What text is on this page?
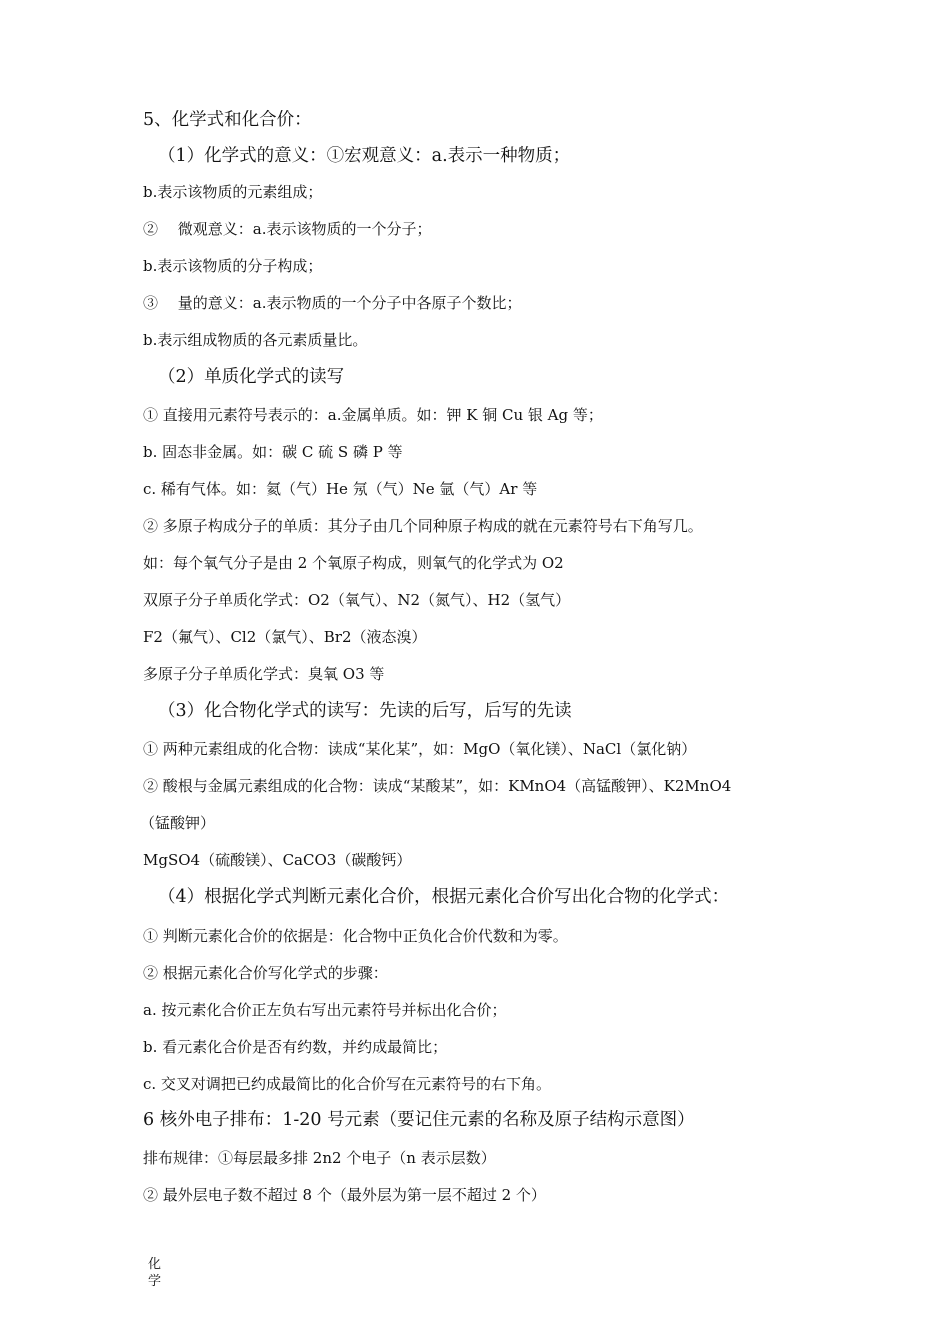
5、化学式和化合价：
（1）化学式的意义：①宏观意义：a.表示一种物质；
b.表示该物质的元素组成；
②　 微观意义：a.表示该物质的一个分子；
b.表示该物质的分子构成；
③　 量的意义：a.表示物质的一个分子中各原子个数比；
b.表示组成物质的各元素质量比。
（2）单质化学式的读写
① 直接用元素符号表示的：a.金属单质。如：钾 K 铜 Cu 银 Ag 等；
b. 固态非金属。如：碳 C 硫 S 磷 P 等
c. 稀有气体。如：氦（气）He 氖（气）Ne 氩（气）Ar 等
② 多原子构成分子的单质：其分子由几个同种原子构成的就在元素符号右下角写几。
如：每个氧气分子是由 2 个氧原子构成，则氧气的化学式为 O2
双原子分子单质化学式：O2（氧气）、N2（氮气）、H2（氢气）
F2（氟气）、Cl2（氯气）、Br2（液态溴）
多原子分子单质化学式：臭氧 O3 等
（3）化合物化学式的读写：先读的后写，后写的先读
① 两种元素组成的化合物：读成“某化某”，如：MgO（氧化镁）、NaCl（氯化钠）
② 酸根与金属元素组成的化合物：读成“某酸某”，如：KMnO4（高锰酸钾）、K2MnO4
（锰酸钾）
MgSO4（硫酸镁）、CaCO3（碳酸钙）
（4）根据化学式判断元素化合价，根据元素化合价写出化合物的化学式：
① 判断元素化合价的依据是：化合物中正负化合价代数和为零。
② 根据元素化合价写化学式的步骤：
a. 按元素化合价正左负右写出元素符号并标出化合价；
b. 看元素化合价是否有约数，并约成最简比；
c. 交叉对调把已约成最简比的化合价写在元素符号的右下角。
6 核外电子排布：1-20 号元素（要记住元素的名称及原子结构示意图）
排布规律：①每层最多排 2n2 个电子（n 表示层数）
② 最外层电子数不超过 8 个（最外层为第一层不超过 2 个）
化学
